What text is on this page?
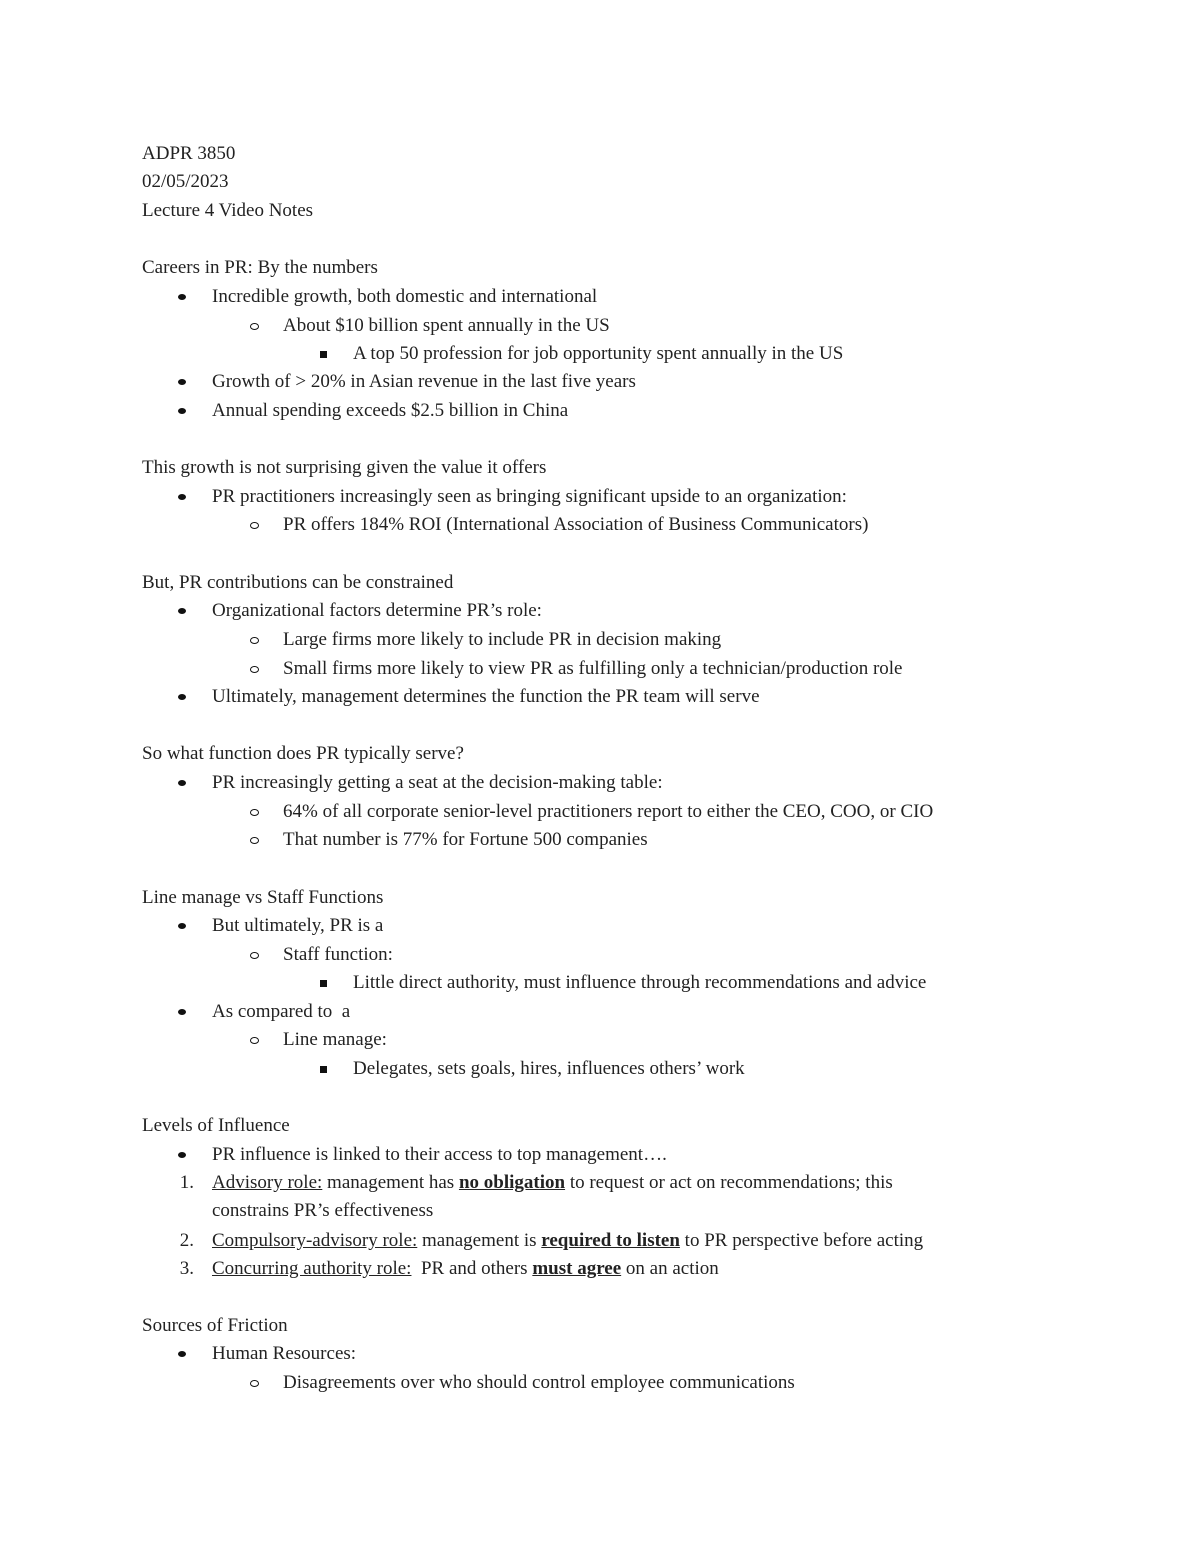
ADPR 3850
02/05/2023
Lecture 4 Video Notes
Careers in PR: By the numbers
Incredible growth, both domestic and international
About $10 billion spent annually in the US
A top 50 profession for job opportunity spent annually in the US
Growth of > 20% in Asian revenue in the last five years
Annual spending exceeds $2.5 billion in China
This growth is not surprising given the value it offers
PR practitioners increasingly seen as bringing significant upside to an organization:
PR offers 184% ROI (International Association of Business Communicators)
But, PR contributions can be constrained
Organizational factors determine PR’s role:
Large firms more likely to include PR in decision making
Small firms more likely to view PR as fulfilling only a technician/production role
Ultimately, management determines the function the PR team will serve
So what function does PR typically serve?
PR increasingly getting a seat at the decision-making table:
64% of all corporate senior-level practitioners report to either the CEO, COO, or CIO
That number is 77% for Fortune 500 companies
Line manage vs Staff Functions
But ultimately, PR is a
Staff function:
Little direct authority, must influence through recommendations and advice
As compared to  a
Line manage:
Delegates, sets goals, hires, influences others’ work
Levels of Influence
PR influence is linked to their access to top management….
1. Advisory role: management has no obligation to request or act on recommendations; this
constrains PR’s effectiveness
2. Compulsory-advisory role: management is required to listen to PR perspective before acting
3. Concurring authority role:  PR and others must agree on an action
Sources of Friction
Human Resources:
Disagreements over who should control employee communications
